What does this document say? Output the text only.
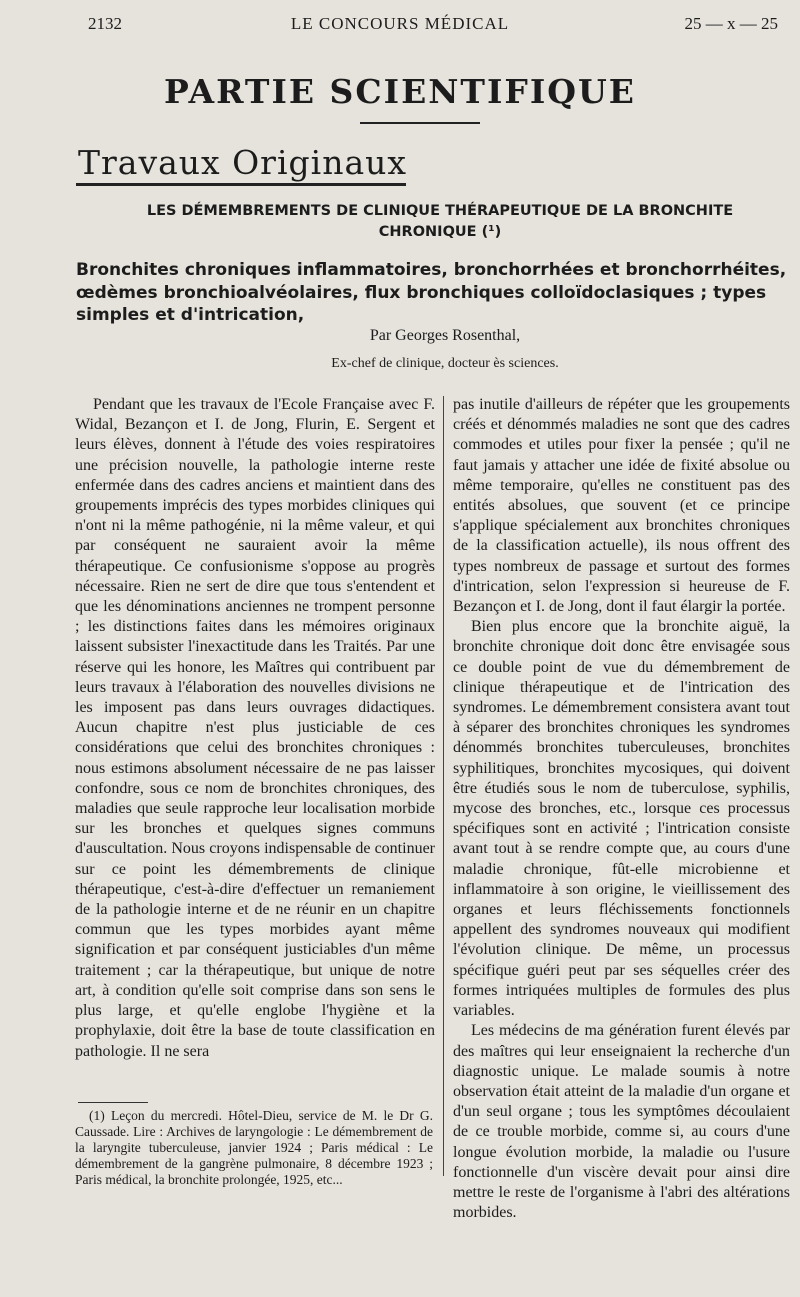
2132	LE CONCOURS MÉDICAL	25 — x — 25
PARTIE SCIENTIFIQUE
Travaux Originaux
LES DÉMEMBREMENTS DE CLINIQUE THÉRAPEUTIQUE DE LA BRONCHITE CHRONIQUE (¹)
Bronchites chroniques inflammatoires, bronchorrhées et bronchorrhéites, œdèmes bronchioalvéolaires, flux bronchiques colloïdoclasiques ; types simples et d'intrication,
Par Georges Rosenthal,
Ex-chef de clinique, docteur ès sciences.

Pendant que les travaux de l'Ecole Française avec F. Widal, Bezançon et I. de Jong, Flurin, E. Sergent et leurs élèves, donnent à l'étude des voies respiratoires une précision nouvelle, la pathologie interne reste enfermée dans des cadres anciens et maintient dans des groupements imprécis des types morbides cliniques qui n'ont ni la même pathogénie, ni la même valeur, et qui par conséquent ne sauraient avoir la même thérapeutique. Ce confusionisme s'oppose au progrès nécessaire. Rien ne sert de dire que tous s'entendent et que les dénominations anciennes ne trompent personne ; les distinctions faites dans les mémoires originaux laissent subsister l'inexactitude dans les Traités. Par une réserve qui les honore, les Maîtres qui contribuent par leurs travaux à l'élaboration des nouvelles divisions ne les imposent pas dans leurs ouvrages didactiques. Aucun chapitre n'est plus justiciable de ces considérations que celui des bronchites chroniques : nous estimons absolument nécessaire de ne pas laisser confondre, sous ce nom de bronchites chroniques, des maladies que seule rapproche leur localisation morbide sur les bronches et quelques signes communs d'auscultation. Nous croyons indispensable de continuer sur ce point les démembrements de clinique thérapeutique, c'est-à-dire d'effectuer un remaniement de la pathologie interne et de ne réunir en un chapitre commun que les types morbides ayant même signification et par conséquent justiciables d'un même traitement ; car la thérapeutique, but unique de notre art, à condition qu'elle soit comprise dans son sens le plus large, et qu'elle englobe l'hygiène et la prophylaxie, doit être la base de toute classification en pathologie. Il ne sera

pas inutile d'ailleurs de répéter que les groupements créés et dénommés maladies ne sont que des cadres commodes et utiles pour fixer la pensée ; qu'il ne faut jamais y attacher une idée de fixité absolue ou même temporaire, qu'elles ne constituent pas des entités absolues, que souvent (et ce principe s'applique spécialement aux bronchites chroniques de la classification actuelle), ils nous offrent des types nombreux de passage et surtout des formes d'intrication, selon l'expression si heureuse de F. Bezançon et I. de Jong, dont il faut élargir la portée.

Bien plus encore que la bronchite aiguë, la bronchite chronique doit donc être envisagée sous ce double point de vue du démembrement de clinique thérapeutique et de l'intrication des syndromes. Le démembrement consistera avant tout à séparer des bronchites chroniques les syndromes dénommés bronchites tuberculeuses, bronchites syphilitiques, bronchites mycosiques, qui doivent être étudiés sous le nom de tuberculose, syphilis, mycose des bronches, etc., lorsque ces processus spécifiques sont en activité ; l'intrication consiste avant tout à se rendre compte que, au cours d'une maladie chronique, fût-elle microbienne et inflammatoire à son origine, le vieillissement des organes et leurs fléchissements fonctionnels appellent des syndromes nouveaux qui modifient l'évolution clinique. De même, un processus spécifique guéri peut par ses séquelles créer des formes intriquées multiples de formules des plus variables.

Les médecins de ma génération furent élevés par des maîtres qui leur enseignaient la recherche d'un diagnostic unique. Le malade soumis à notre observation était atteint de la maladie d'un organe et d'un seul organe ; tous les symptômes découlaient de ce trouble morbide, comme si, au cours d'une longue évolution morbide, la maladie ou l'usure fonctionnelle d'un viscère devait pour ainsi dire mettre le reste de l'organisme à l'abri des altérations morbides.

(1) Leçon du mercredi. Hôtel-Dieu, service de M. le Dr G. Caussade. Lire : Archives de laryngologie : Le démembrement de la laryngite tuberculeuse, janvier 1924 ; Paris médical : Le démembrement de la gangrène pulmonaire, 8 décembre 1923 ; Paris médical, la bronchite prolongée, 1925, etc...
